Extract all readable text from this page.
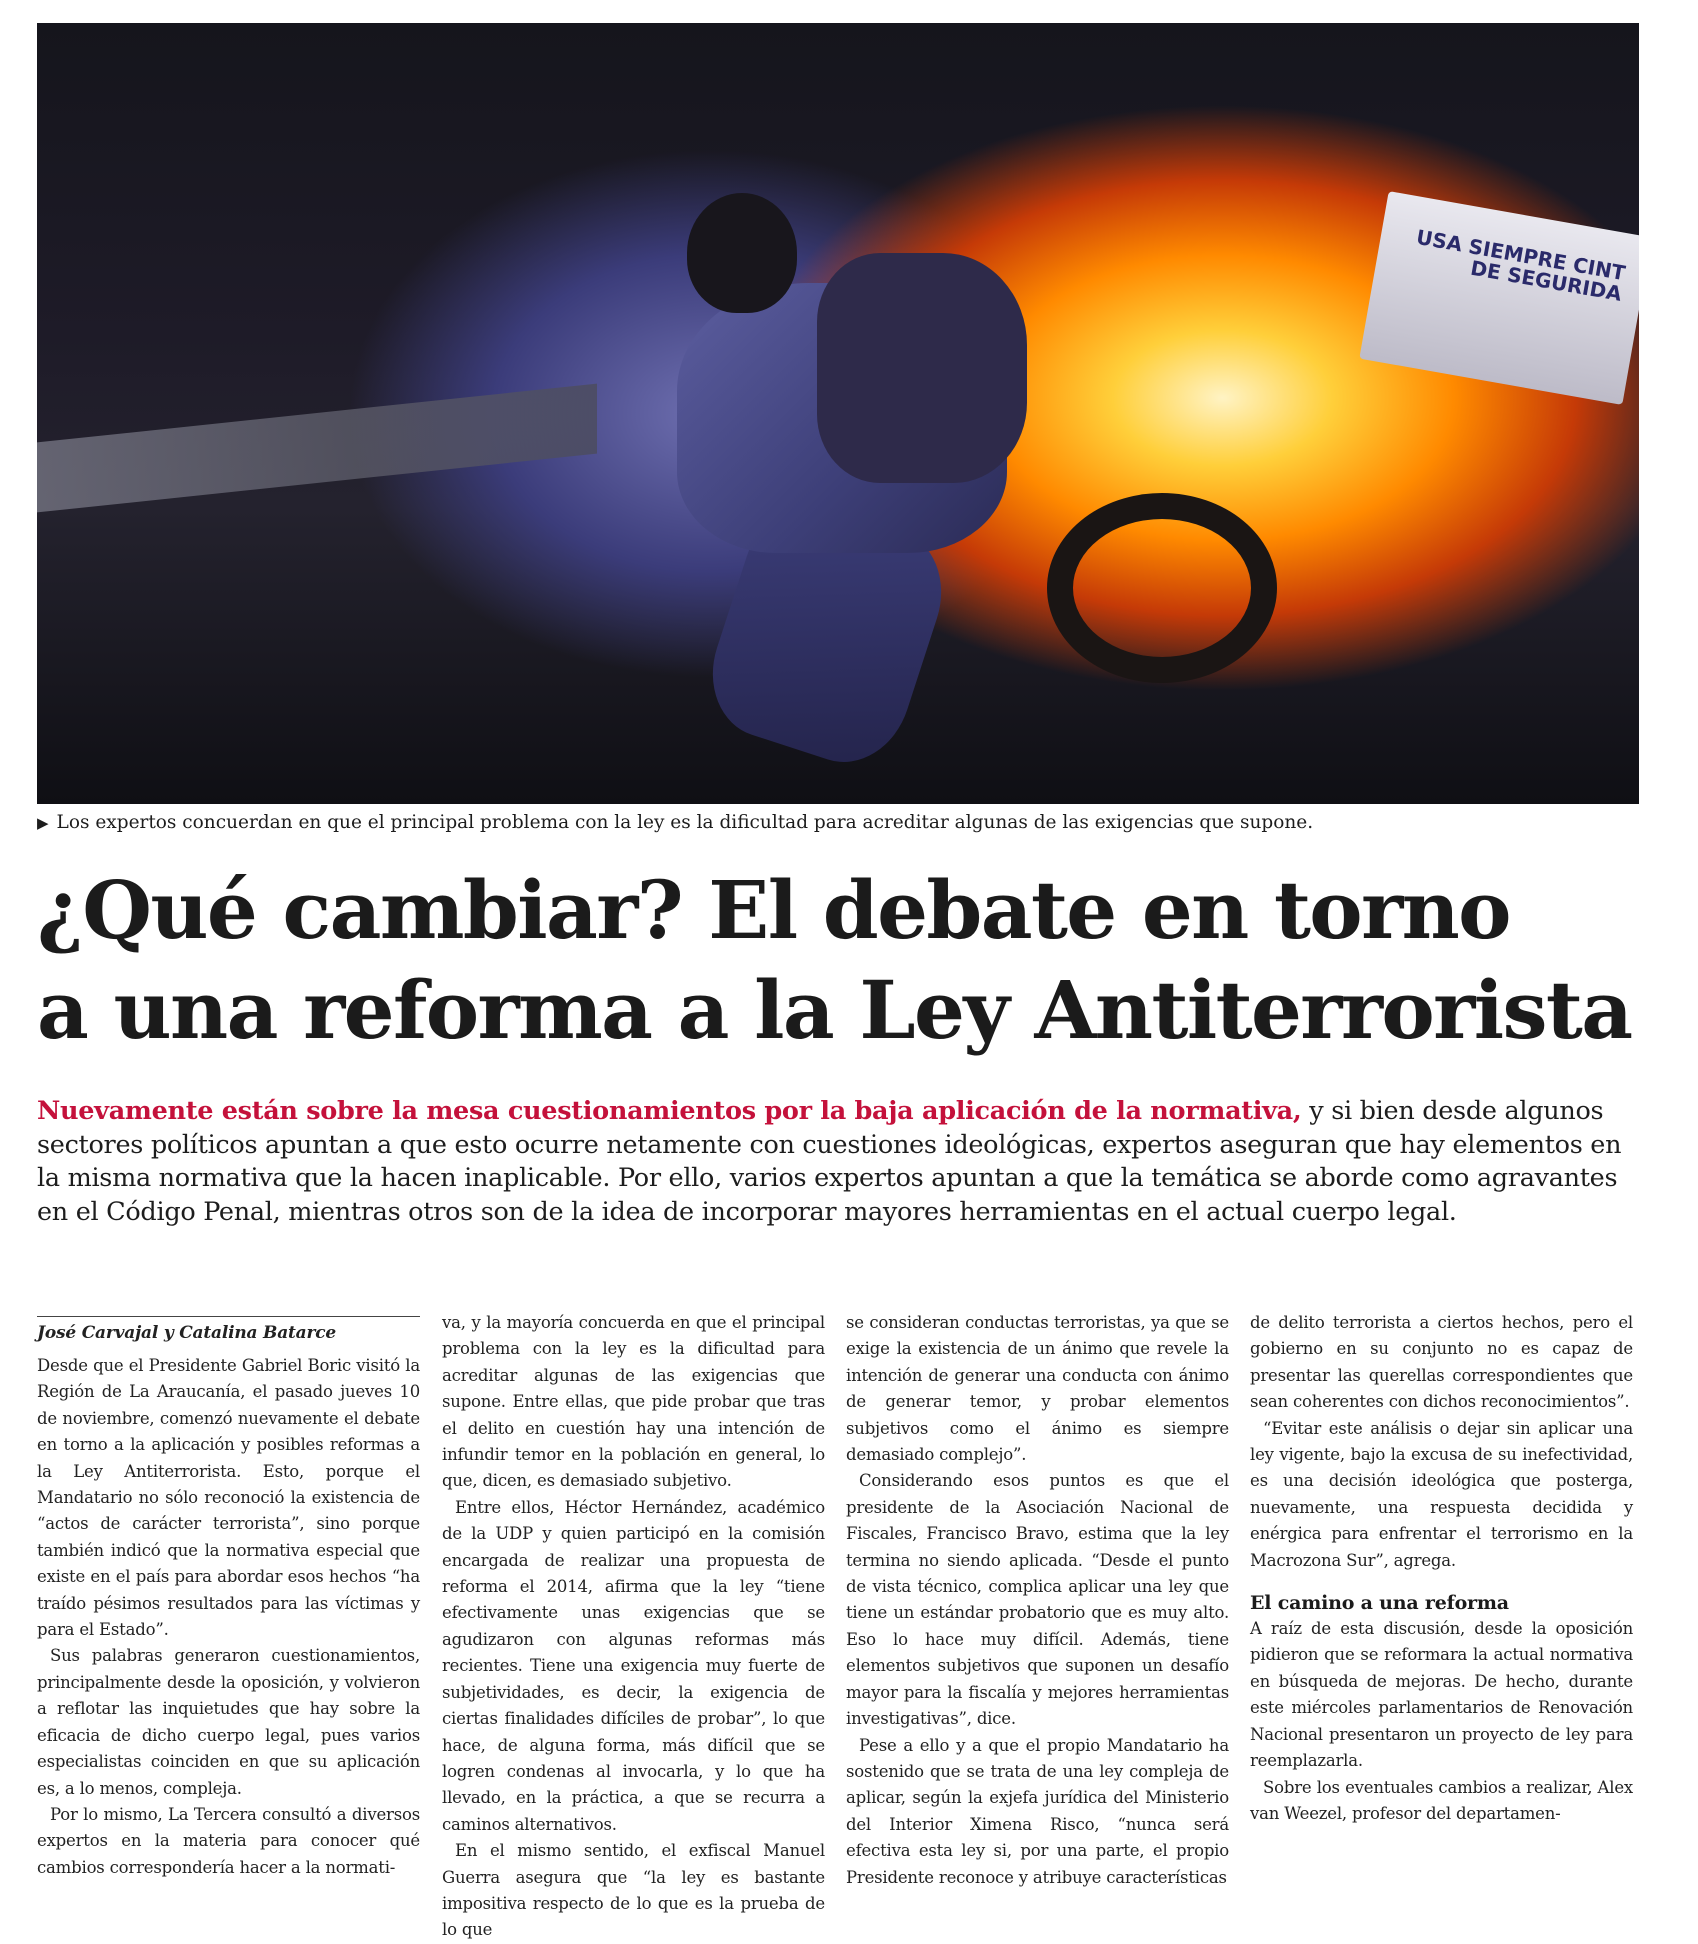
USA SIEMPRE CINT DE SEGURIDA
▶ Los expertos concuerdan en que el principal problema con la ley es la dificultad para acreditar algunas de las exigencias que supone.
¿Qué cambiar? El debate en torno
a una reforma a la Ley Antiterrorista

Nuevamente están sobre la mesa cuestionamientos por la baja aplicación de la normativa, y si bien desde algunos sectores políticos apuntan a que esto ocurre netamente con cuestiones ideológicas, expertos aseguran que hay elementos en la misma normativa que la hacen inaplicable. Por ello, varios expertos apuntan a que la temática se aborde como agravantes en el Código Penal, mientras otros son de la idea de incorporar mayores herramientas en el actual cuerpo legal.

José Carvajal y Catalina Batarce

Desde que el Presidente Gabriel Boric visitó la Región de La Araucanía, el pasado jueves 10 de noviembre, comenzó nuevamente el debate en torno a la aplicación y posibles reformas a la Ley Antiterrorista. Esto, porque el Mandatario no sólo reconoció la existencia de “actos de carácter terrorista”, sino porque también indicó que la normativa especial que existe en el país para abordar esos hechos “ha traído pésimos resultados para las víctimas y para el Estado”.

Sus palabras generaron cuestionamientos, principalmente desde la oposición, y volvieron a reflotar las inquietudes que hay sobre la eficacia de dicho cuerpo legal, pues varios especialistas coinciden en que su aplicación es, a lo menos, compleja.

Por lo mismo, La Tercera consultó a diversos expertos en la materia para conocer qué cambios correspondería hacer a la normati-

va, y la mayoría concuerda en que el principal problema con la ley es la dificultad para acreditar algunas de las exigencias que supone. Entre ellas, que pide probar que tras el delito en cuestión hay una intención de infundir temor en la población en general, lo que, dicen, es demasiado subjetivo.

Entre ellos, Héctor Hernández, académico de la UDP y quien participó en la comisión encargada de realizar una propuesta de reforma el 2014, afirma que la ley “tiene efectivamente unas exigencias que se agudizaron con algunas reformas más recientes. Tiene una exigencia muy fuerte de subjetividades, es decir, la exigencia de ciertas finalidades difíciles de probar”, lo que hace, de alguna forma, más difícil que se logren condenas al invocarla, y lo que ha llevado, en la práctica, a que se recurra a caminos alternativos.

En el mismo sentido, el exfiscal Manuel Guerra asegura que “la ley es bastante impositiva respecto de lo que es la prueba de lo que

se consideran conductas terroristas, ya que se exige la existencia de un ánimo que revele la intención de generar una conducta con ánimo de generar temor, y probar elementos subjetivos como el ánimo es siempre demasiado complejo”.

Considerando esos puntos es que el presidente de la Asociación Nacional de Fiscales, Francisco Bravo, estima que la ley termina no siendo aplicada. “Desde el punto de vista técnico, complica aplicar una ley que tiene un estándar probatorio que es muy alto. Eso lo hace muy difícil. Además, tiene elementos subjetivos que suponen un desafío mayor para la fiscalía y mejores herramientas investigativas”, dice.

Pese a ello y a que el propio Mandatario ha sostenido que se trata de una ley compleja de aplicar, según la exjefa jurídica del Ministerio del Interior Ximena Risco, “nunca será efectiva esta ley si, por una parte, el propio Presidente reconoce y atribuye características

de delito terrorista a ciertos hechos, pero el gobierno en su conjunto no es capaz de presentar las querellas correspondientes que sean coherentes con dichos reconocimientos”.

“Evitar este análisis o dejar sin aplicar una ley vigente, bajo la excusa de su inefectividad, es una decisión ideológica que posterga, nuevamente, una respuesta decidida y enérgica para enfrentar el terrorismo en la Macrozona Sur”, agrega.

El camino a una reforma

A raíz de esta discusión, desde la oposición pidieron que se reformara la actual normativa en búsqueda de mejoras. De hecho, durante este miércoles parlamentarios de Renovación Nacional presentaron un proyecto de ley para reemplazarla.

Sobre los eventuales cambios a realizar, Alex van Weezel, profesor del departamen-
